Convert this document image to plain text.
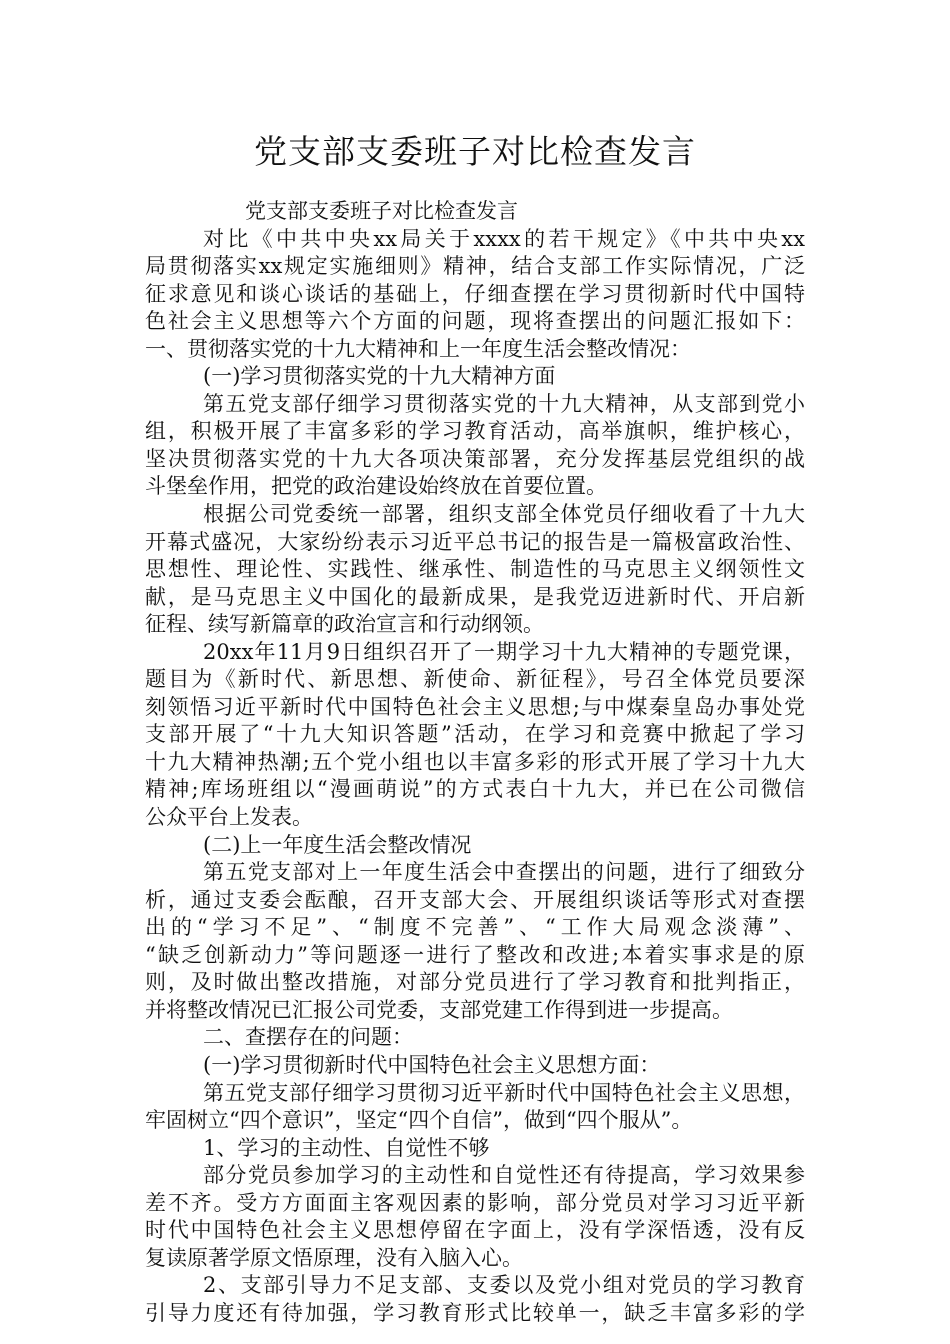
党支部支委班子对比检查发言
党支部支委班子对比检查发言
对比《中共中央xx局关于xxxx的若干规定》《中共中央xx
局贯彻落实xx规定实施细则》精神，结合支部工作实际情况，广泛
征求意见和谈心谈话的基础上，仔细查摆在学习贯彻新时代中国特
色社会主义思想等六个方面的问题，现将查摆出的问题汇报如下：
一、贯彻落实党的十九大精神和上一年度生活会整改情况：
(一)学习贯彻落实党的十九大精神方面
第五党支部仔细学习贯彻落实党的十九大精神，从支部到党小
组，积极开展了丰富多彩的学习教育活动，高举旗帜，维护核心，
坚决贯彻落实党的十九大各项决策部署，充分发挥基层党组织的战
斗堡垒作用，把党的政治建设始终放在首要位置。
根据公司党委统一部署，组织支部全体党员仔细收看了十九大
开幕式盛况，大家纷纷表示习近平总书记的报告是一篇极富政治性、
思想性、理论性、实践性、继承性、制造性的马克思主义纲领性文
献，是马克思主义中国化的最新成果，是我党迈进新时代、开启新
征程、续写新篇章的政治宣言和行动纲领。
20xx年11月9日组织召开了一期学习十九大精神的专题党课，
题目为《新时代、新思想、新使命、新征程》，号召全体党员要深
刻领悟习近平新时代中国特色社会主义思想;与中煤秦皇岛办事处党
支部开展了“十九大知识答题”活动，在学习和竞赛中掀起了学习
十九大精神热潮;五个党小组也以丰富多彩的形式开展了学习十九大
精神;库场班组以“漫画萌说”的方式表白十九大，并已在公司微信
公众平台上发表。
(二)上一年度生活会整改情况
第五党支部对上一年度生活会中查摆出的问题，进行了细致分
析，通过支委会酝酿，召开支部大会、开展组织谈话等形式对查摆
出的“学习不足”、“制度不完善”、“工作大局观念淡薄”、
“缺乏创新动力”等问题逐一进行了整改和改进;本着实事求是的原
则，及时做出整改措施，对部分党员进行了学习教育和批判指正，
并将整改情况已汇报公司党委，支部党建工作得到进一步提高。
二、查摆存在的问题：
(一)学习贯彻新时代中国特色社会主义思想方面：
第五党支部仔细学习贯彻习近平新时代中国特色社会主义思想，
牢固树立“四个意识”，坚定“四个自信”，做到“四个服从”。
1、学习的主动性、自觉性不够
部分党员参加学习的主动性和自觉性还有待提高，学习效果参
差不齐。受方方面面主客观因素的影响，部分党员对学习习近平新
时代中国特色社会主义思想停留在字面上，没有学深悟透，没有反
复读原著学原文悟原理，没有入脑入心。
2、支部引导力不足支部、支委以及党小组对党员的学习教育
引导力度还有待加强，学习教育形式比较单一，缺乏丰富多彩的学
